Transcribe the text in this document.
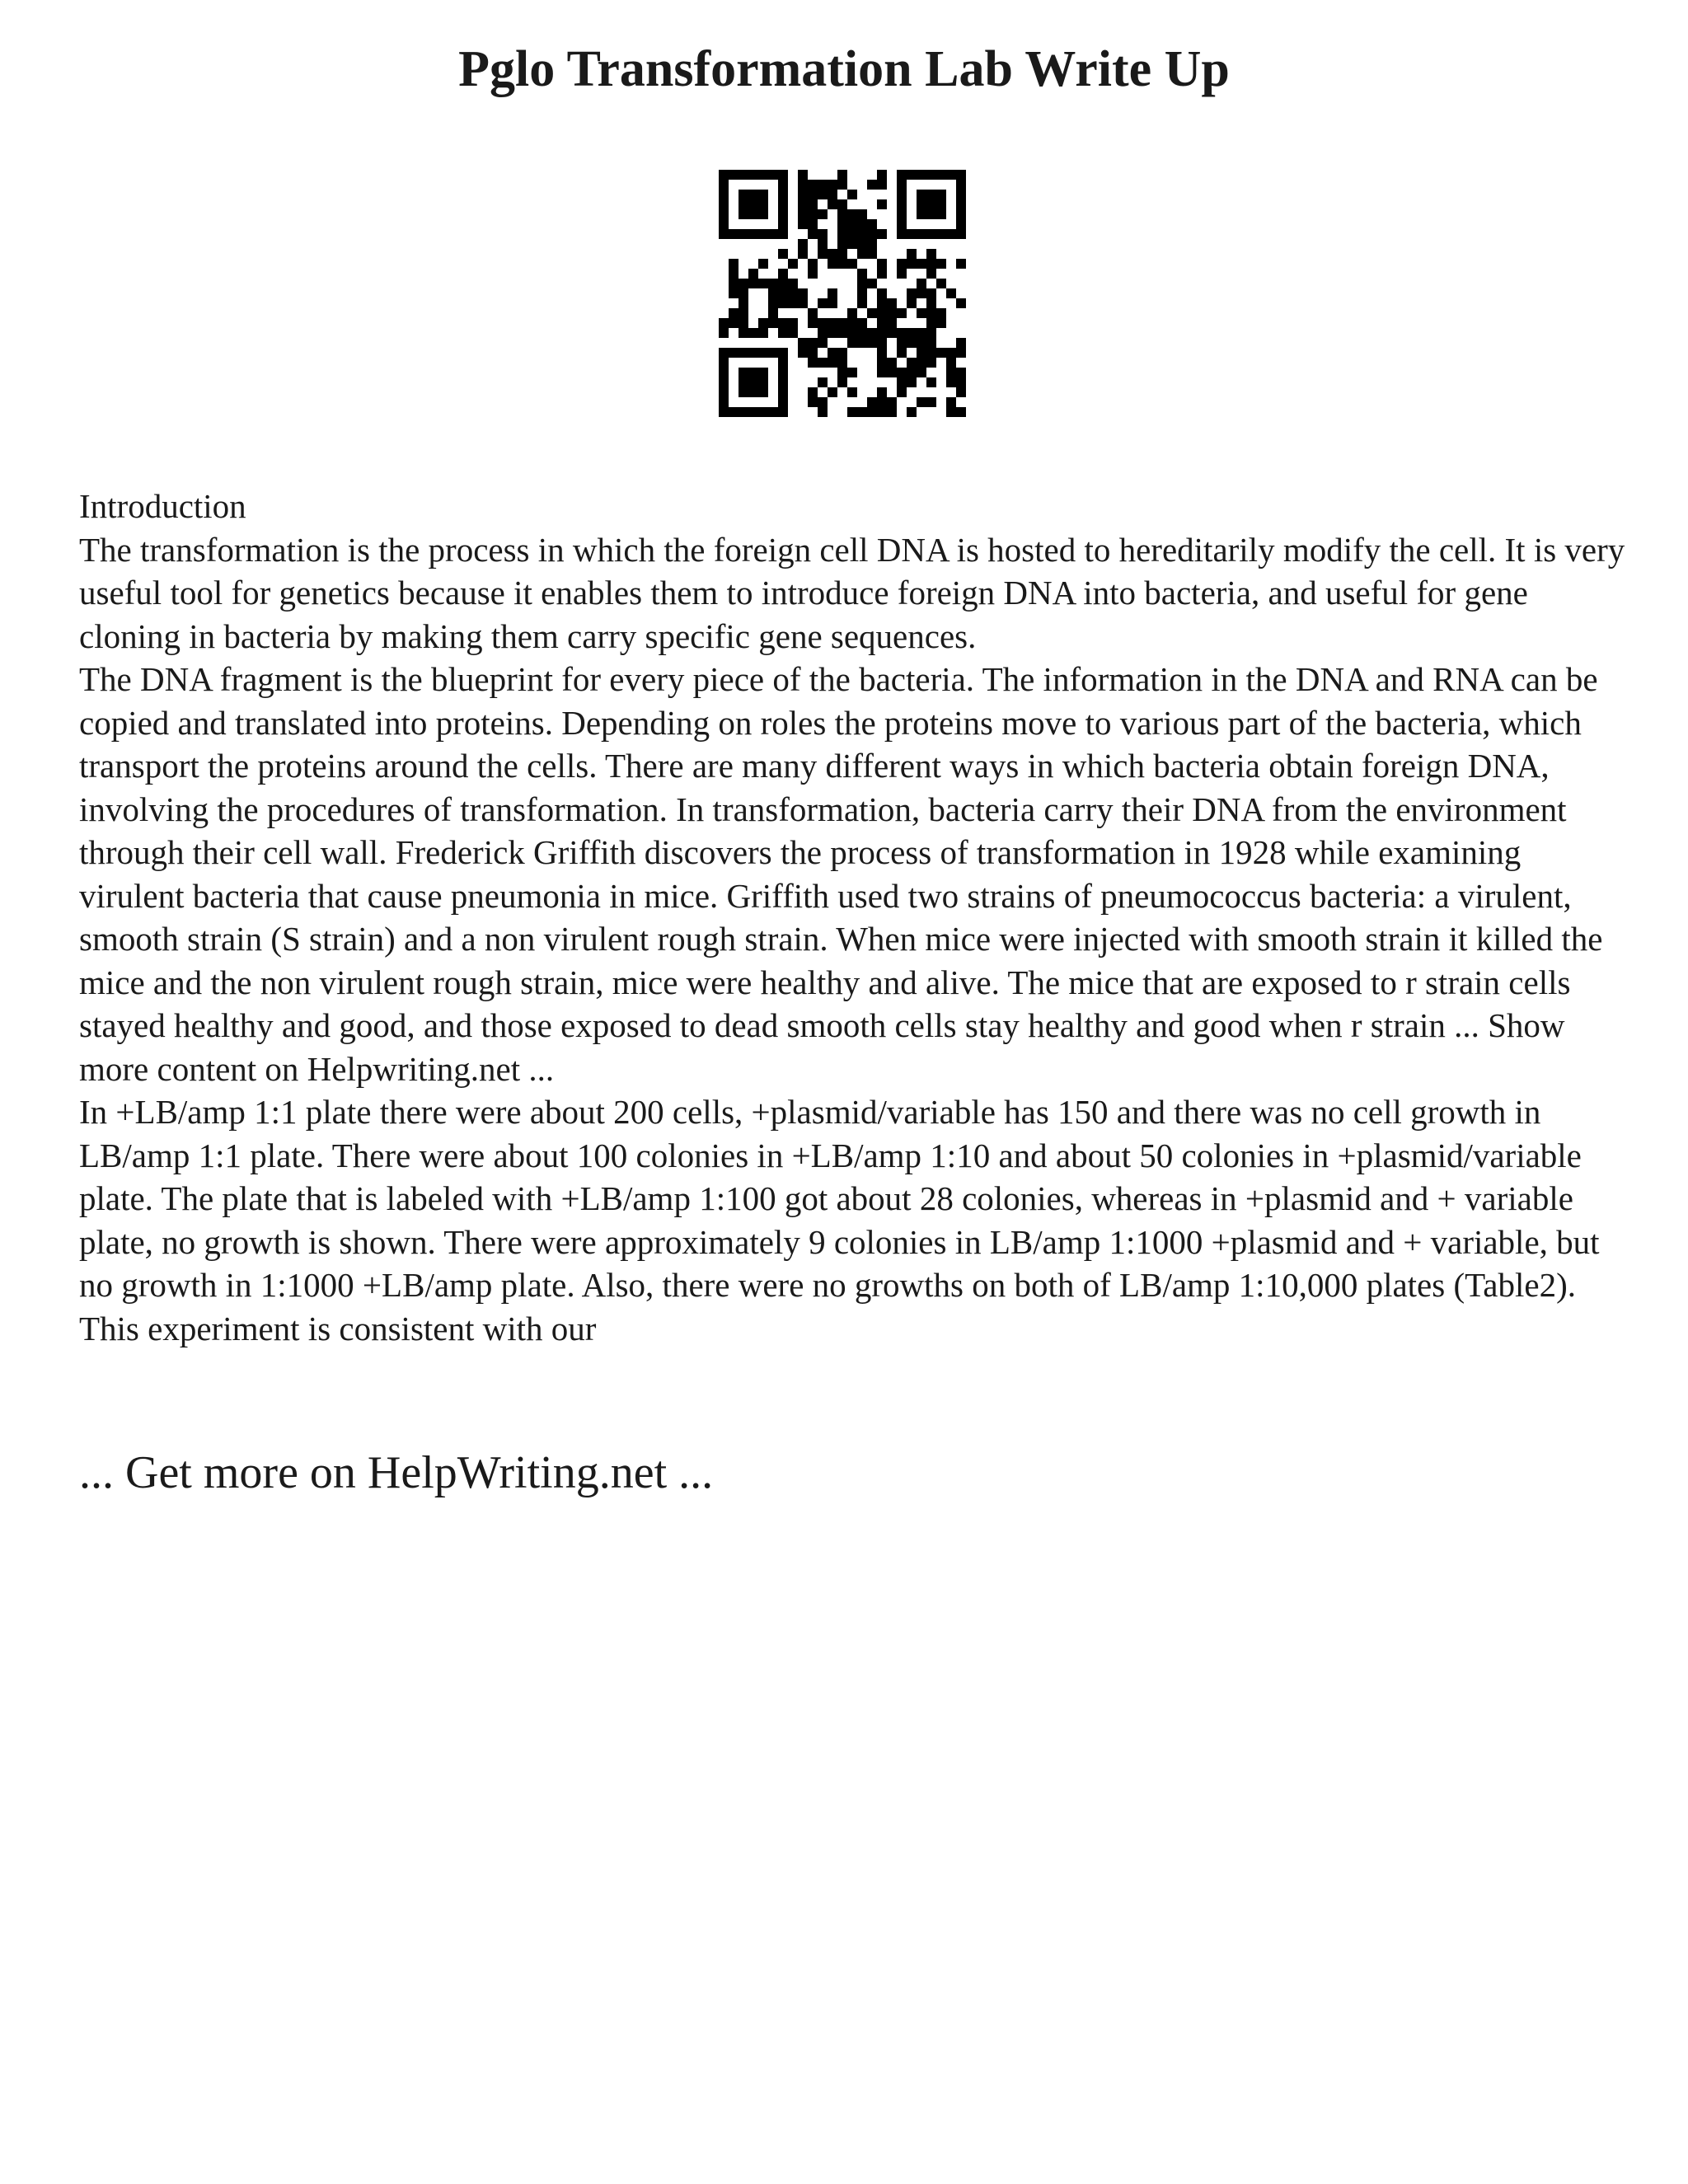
Pglo Transformation Lab Write Up

Introduction

The transformation is the process in which the foreign cell DNA is hosted to hereditarily modify the cell. It is very useful tool for genetics because it enables them to introduce foreign DNA into bacteria, and useful for gene cloning in bacteria by making them carry specific gene sequences.

The DNA fragment is the blueprint for every piece of the bacteria. The information in the DNA and RNA can be copied and translated into proteins. Depending on roles the proteins move to various part of the bacteria, which transport the proteins around the cells. There are many different ways in which bacteria obtain foreign DNA, involving the procedures of transformation. In transformation, bacteria carry their DNA from the environment through their cell wall. Frederick Griffith discovers the process of transformation in 1928 while examining virulent bacteria that cause pneumonia in mice. Griffith used two strains of pneumococcus bacteria: a virulent, smooth strain (S strain) and a non virulent rough strain. When mice were injected with smooth strain it killed the mice and the non virulent rough strain, mice were healthy and alive. The mice that are exposed to r strain cells stayed healthy and good, and those exposed to dead smooth cells stay healthy and good when r strain ... Show more content on Helpwriting.net ...

In +LB/amp 1:1 plate there were about 200 cells, +plasmid/variable has 150 and there was no cell growth in LB/amp 1:1 plate. There were about 100 colonies in +LB/amp 1:10 and about 50 colonies in +plasmid/variable plate. The plate that is labeled with +LB/amp 1:100 got about 28 colonies, whereas in +plasmid and + variable plate, no growth is shown. There were approximately 9 colonies in LB/amp 1:1000 +plasmid and + variable, but no growth in 1:1000 +LB/amp plate. Also, there were no growths on both of LB/amp 1:10,000 plates (Table2). This experiment is consistent with our

... Get more on HelpWriting.net ...
